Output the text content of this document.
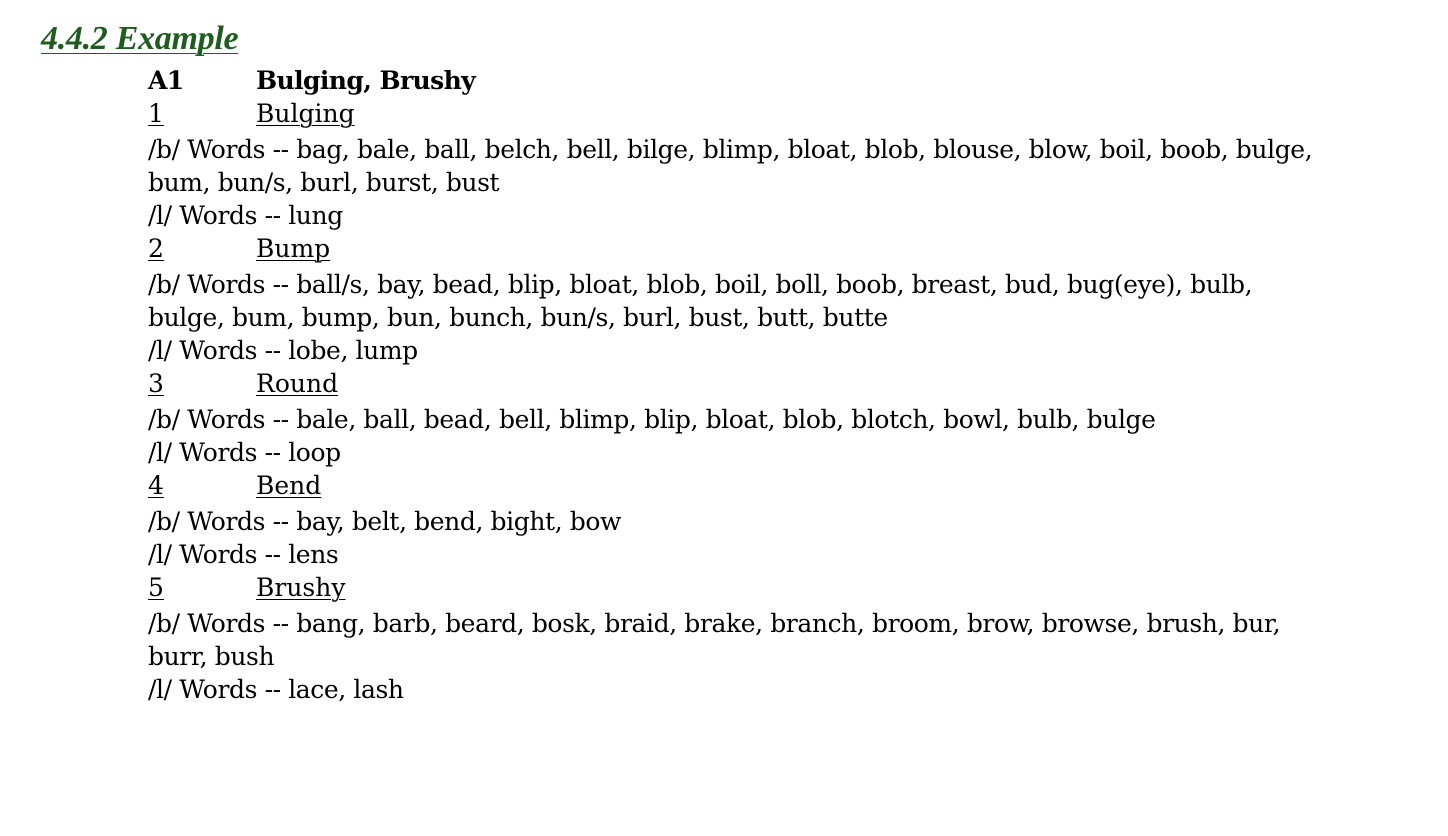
4.4.2 Example
A1	Bulging, Brushy
1	Bulging

/b/ Words -- bag, bale, ball, belch, bell, bilge, blimp, bloat, blob, blouse, blow, boil, boob, bulge, bum, bun/s, burl, burst, bust

/l/ Words -- lung

2	Bump

/b/ Words -- ball/s, bay, bead, blip, bloat, blob, boil, boll, boob, breast, bud, bug(eye), bulb, bulge, bum, bump, bun, bunch, bun/s, burl, bust, butt, butte

/l/ Words -- lobe, lump

3	Round

/b/ Words -- bale, ball, bead, bell, blimp, blip, bloat, blob, blotch, bowl, bulb, bulge

/l/ Words -- loop

4	Bend

/b/ Words -- bay, belt, bend, bight, bow

/l/ Words -- lens

5	Brushy

/b/ Words -- bang, barb, beard, bosk, braid, brake, branch, broom, brow, browse, brush, bur, burr, bush

/l/ Words -- lace, lash
